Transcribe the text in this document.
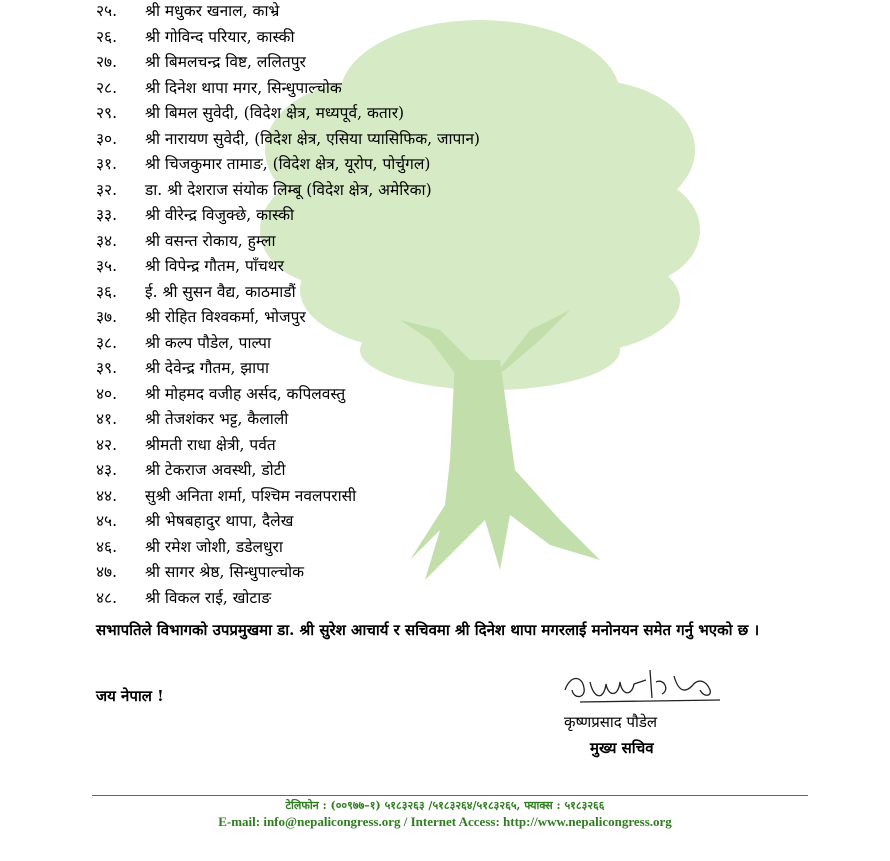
२५.	श्री मधुकर खनाल, काभ्रे
२६.	श्री गोविन्द परियार, कास्की
२७.	श्री बिमलचन्द्र विष्ट, ललितपुर
२८.	श्री दिनेश थापा मगर, सिन्धुपाल्चोक
२९.	श्री बिमल सुवेदी, (विदेश क्षेत्र, मध्यपूर्व, कतार)
३०.	श्री नारायण सुवेदी, (विदेश क्षेत्र, एसिया प्यासिफिक, जापान)
३१.	श्री चिजकुमार तामाङ, (विदेश क्षेत्र, यूरोप, पोर्चुगल)
३२.	डा. श्री देशराज संयोक लिम्बू (विदेश क्षेत्र, अमेरिका)
३३.	श्री वीरेन्द्र विजुक्छे, कास्की
३४.	श्री वसन्त रोकाय, हुम्ला
३५.	श्री विपेन्द्र गौतम, पाँचथर
३६.	ई. श्री सुसन वैद्य, काठमाडौं
३७.	श्री रोहित विश्वकर्मा, भोजपुर
३८.	श्री कल्प पौडेल, पाल्पा
३९.	श्री देवेन्द्र गौतम, झापा
४०.	श्री मोहमद वजीह अर्सद, कपिलवस्तु
४१.	श्री तेजशंकर भट्ट, कैलाली
४२.	श्रीमती राधा क्षेत्री, पर्वत
४३.	श्री टेकराज अवस्थी, डोटी
४४.	सुश्री अनिता शर्मा, पश्चिम नवलपरासी
४५.	श्री भेषबहादुर थापा, दैलेख
४६.	श्री रमेश जोशी, डडेलधुरा
४७.	श्री सागर श्रेष्ठ, सिन्धुपाल्चोक
४८.	श्री विकल राई, खोटाङ
सभापतिले विभागको उपप्रमुखमा डा. श्री सुरेश आचार्य र सचिवमा श्री दिनेश थापा मगरलाई मनोनयन समेत गर्नु भएको छ ।
जय नेपाल !
कृष्णप्रसाद पौडेल
मुख्य सचिव
टेलिफोन : (००९७७–१) ५१८३२६३ /५१८३२६४/५१८३२६५, फ्याक्स : ५१८३२६६
E-mail: info@nepalicongress.org / Internet Access: http://www.nepalicongress.org
